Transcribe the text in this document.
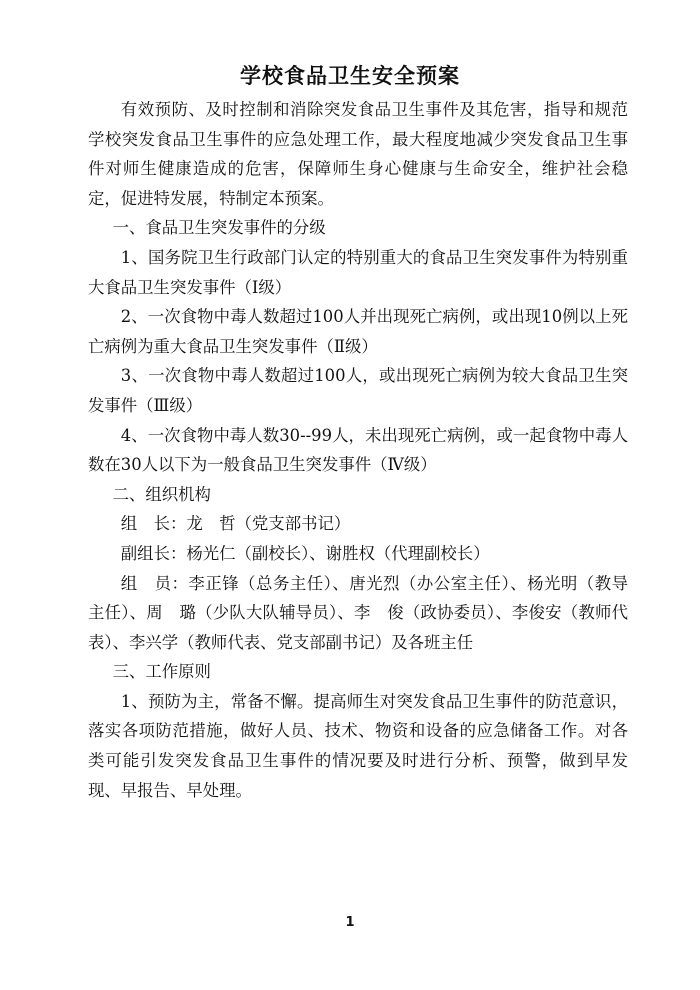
学校食品卫生安全预案

有效预防、及时控制和消除突发食品卫生事件及其危害，指导和规范学校突发食品卫生事件的应急处理工作，最大程度地减少突发食品卫生事件对师生健康造成的危害，保障师生身心健康与生命安全，维护社会稳定，促进特发展，特制定本预案。

一、食品卫生突发事件的分级

1、国务院卫生行政部门认定的特别重大的食品卫生突发事件为特别重大食品卫生突发事件（Ⅰ级）

2、一次食物中毒人数超过100人并出现死亡病例，或出现10例以上死亡病例为重大食品卫生突发事件（Ⅱ级）

3、一次食物中毒人数超过100人，或出现死亡病例为较大食品卫生突发事件（Ⅲ级）

4、一次食物中毒人数30--99人，未出现死亡病例，或一起食物中毒人数在30人以下为一般食品卫生突发事件（Ⅳ级）

二、组织机构

组　长：龙　哲（党支部书记）

副组长：杨光仁（副校长）、谢胜权（代理副校长）

组　员：李正锋（总务主任）、唐光烈（办公室主任）、杨光明（教导主任）、周　璐（少队大队辅导员）、李　俊（政协委员）、李俊安（教师代表）、李兴学（教师代表、党支部副书记）及各班主任

三、工作原则

1、预防为主，常备不懈。提高师生对突发食品卫生事件的防范意识，落实各项防范措施，做好人员、技术、物资和设备的应急储备工作。对各类可能引发突发食品卫生事件的情况要及时进行分析、预警，做到早发现、早报告、早处理。

1
